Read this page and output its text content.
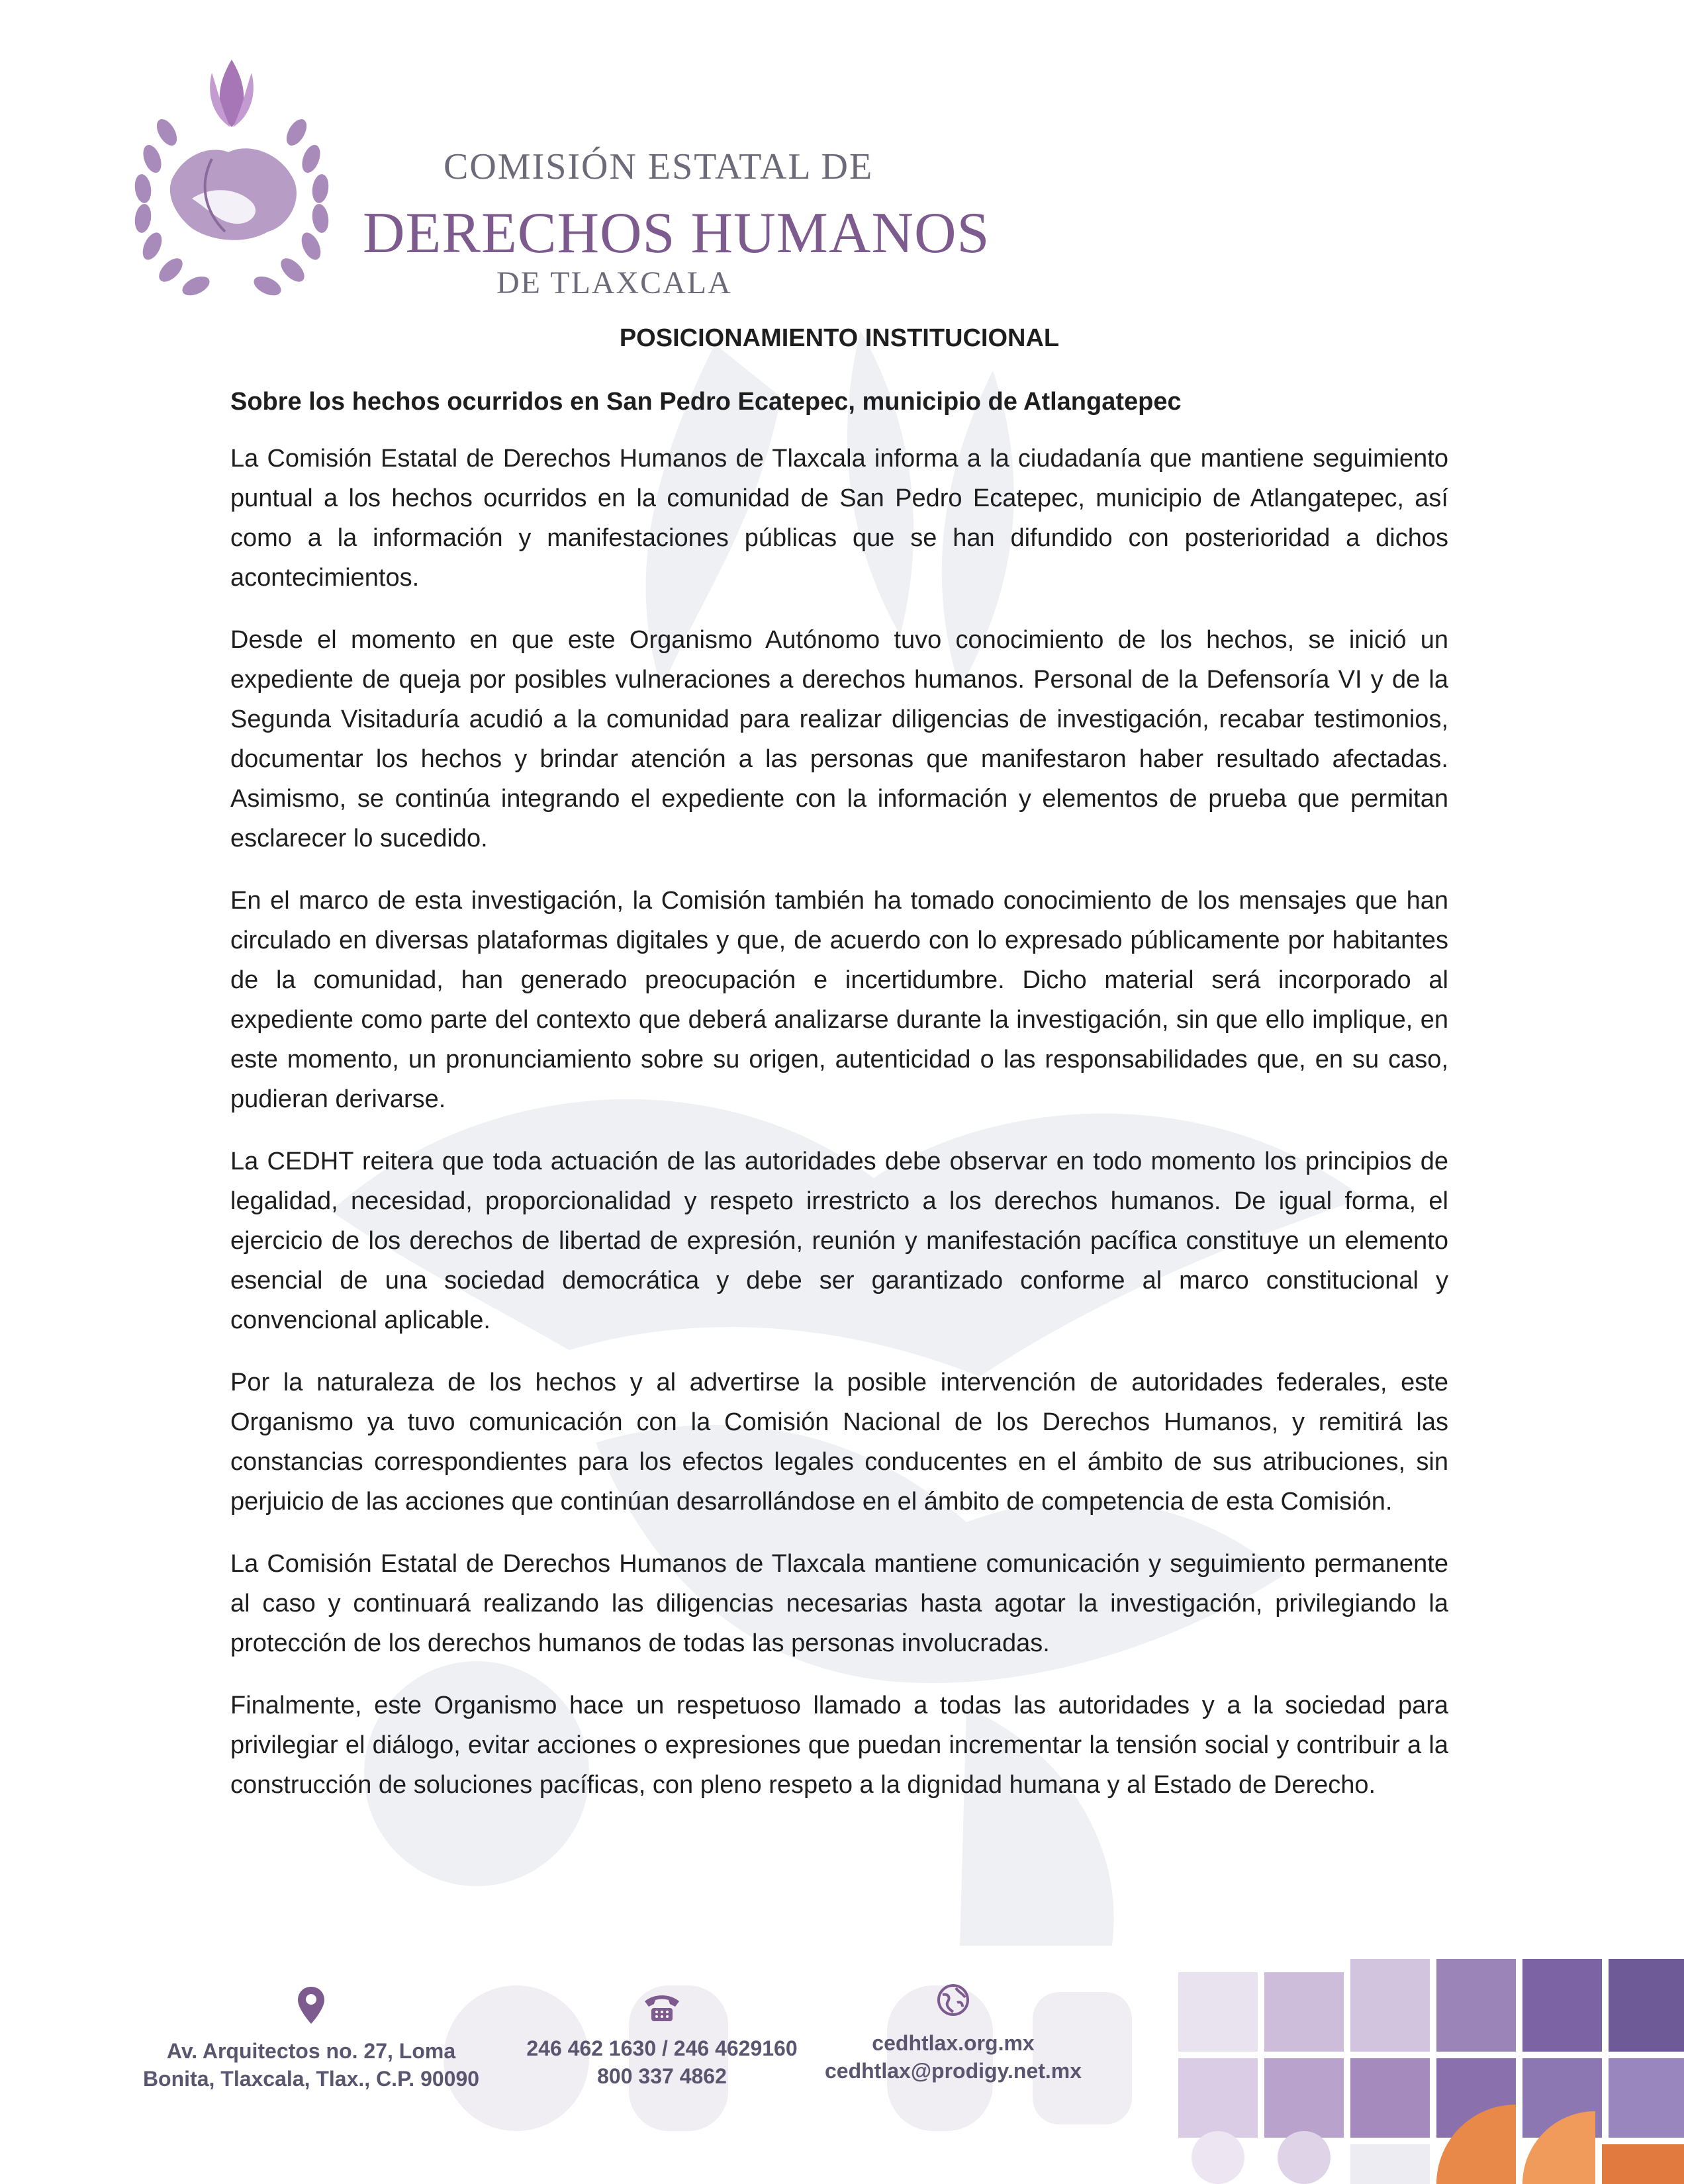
COMISIÓN ESTATAL DE
DERECHOS HUMANOS
DE TLAXCALA
POSICIONAMIENTO INSTITUCIONAL
Sobre los hechos ocurridos en San Pedro Ecatepec, municipio de Atlangatepec

La Comisión Estatal de Derechos Humanos de Tlaxcala informa a la ciudadanía que mantiene seguimiento puntual a los hechos ocurridos en la comunidad de San Pedro Ecatepec, municipio de Atlangatepec, así como a la información y manifestaciones públicas que se han difundido con posterioridad a dichos acontecimientos.

Desde el momento en que este Organismo Autónomo tuvo conocimiento de los hechos, se inició un expediente de queja por posibles vulneraciones a derechos humanos. Personal de la Defensoría VI y de la Segunda Visitaduría acudió a la comunidad para realizar diligencias de investigación, recabar testimonios, documentar los hechos y brindar atención a las personas que manifestaron haber resultado afectadas. Asimismo, se continúa integrando el expediente con la información y elementos de prueba que permitan esclarecer lo sucedido.

En el marco de esta investigación, la Comisión también ha tomado conocimiento de los mensajes que han circulado en diversas plataformas digitales y que, de acuerdo con lo expresado públicamente por habitantes de la comunidad, han generado preocupación e incertidumbre. Dicho material será incorporado al expediente como parte del contexto que deberá analizarse durante la investigación, sin que ello implique, en este momento, un pronunciamiento sobre su origen, autenticidad o las responsabilidades que, en su caso, pudieran derivarse.

La CEDHT reitera que toda actuación de las autoridades debe observar en todo momento los principios de legalidad, necesidad, proporcionalidad y respeto irrestricto a los derechos humanos. De igual forma, el ejercicio de los derechos de libertad de expresión, reunión y manifestación pacífica constituye un elemento esencial de una sociedad democrática y debe ser garantizado conforme al marco constitucional y convencional aplicable.

Por la naturaleza de los hechos y al advertirse la posible intervención de autoridades federales, este Organismo ya tuvo comunicación con la Comisión Nacional de los Derechos Humanos, y remitirá las constancias correspondientes para los efectos legales conducentes en el ámbito de sus atribuciones, sin perjuicio de las acciones que continúan desarrollándose en el ámbito de competencia de esta Comisión.

La Comisión Estatal de Derechos Humanos de Tlaxcala mantiene comunicación y seguimiento permanente al caso y continuará realizando las diligencias necesarias hasta agotar la investigación, privilegiando la protección de los derechos humanos de todas las personas involucradas.

Finalmente, este Organismo hace un respetuoso llamado a todas las autoridades y a la sociedad para privilegiar el diálogo, evitar acciones o expresiones que puedan incrementar la tensión social y contribuir a la construcción de soluciones pacíficas, con pleno respeto a la dignidad humana y al Estado de Derecho.

Av. Arquitectos no. 27, Loma
Bonita, Tlaxcala, Tlax., C.P. 90090
246 462 1630 / 246 4629160
800 337 4862
cedhtlax.org.mx
cedhtlax@prodigy.net.mx
